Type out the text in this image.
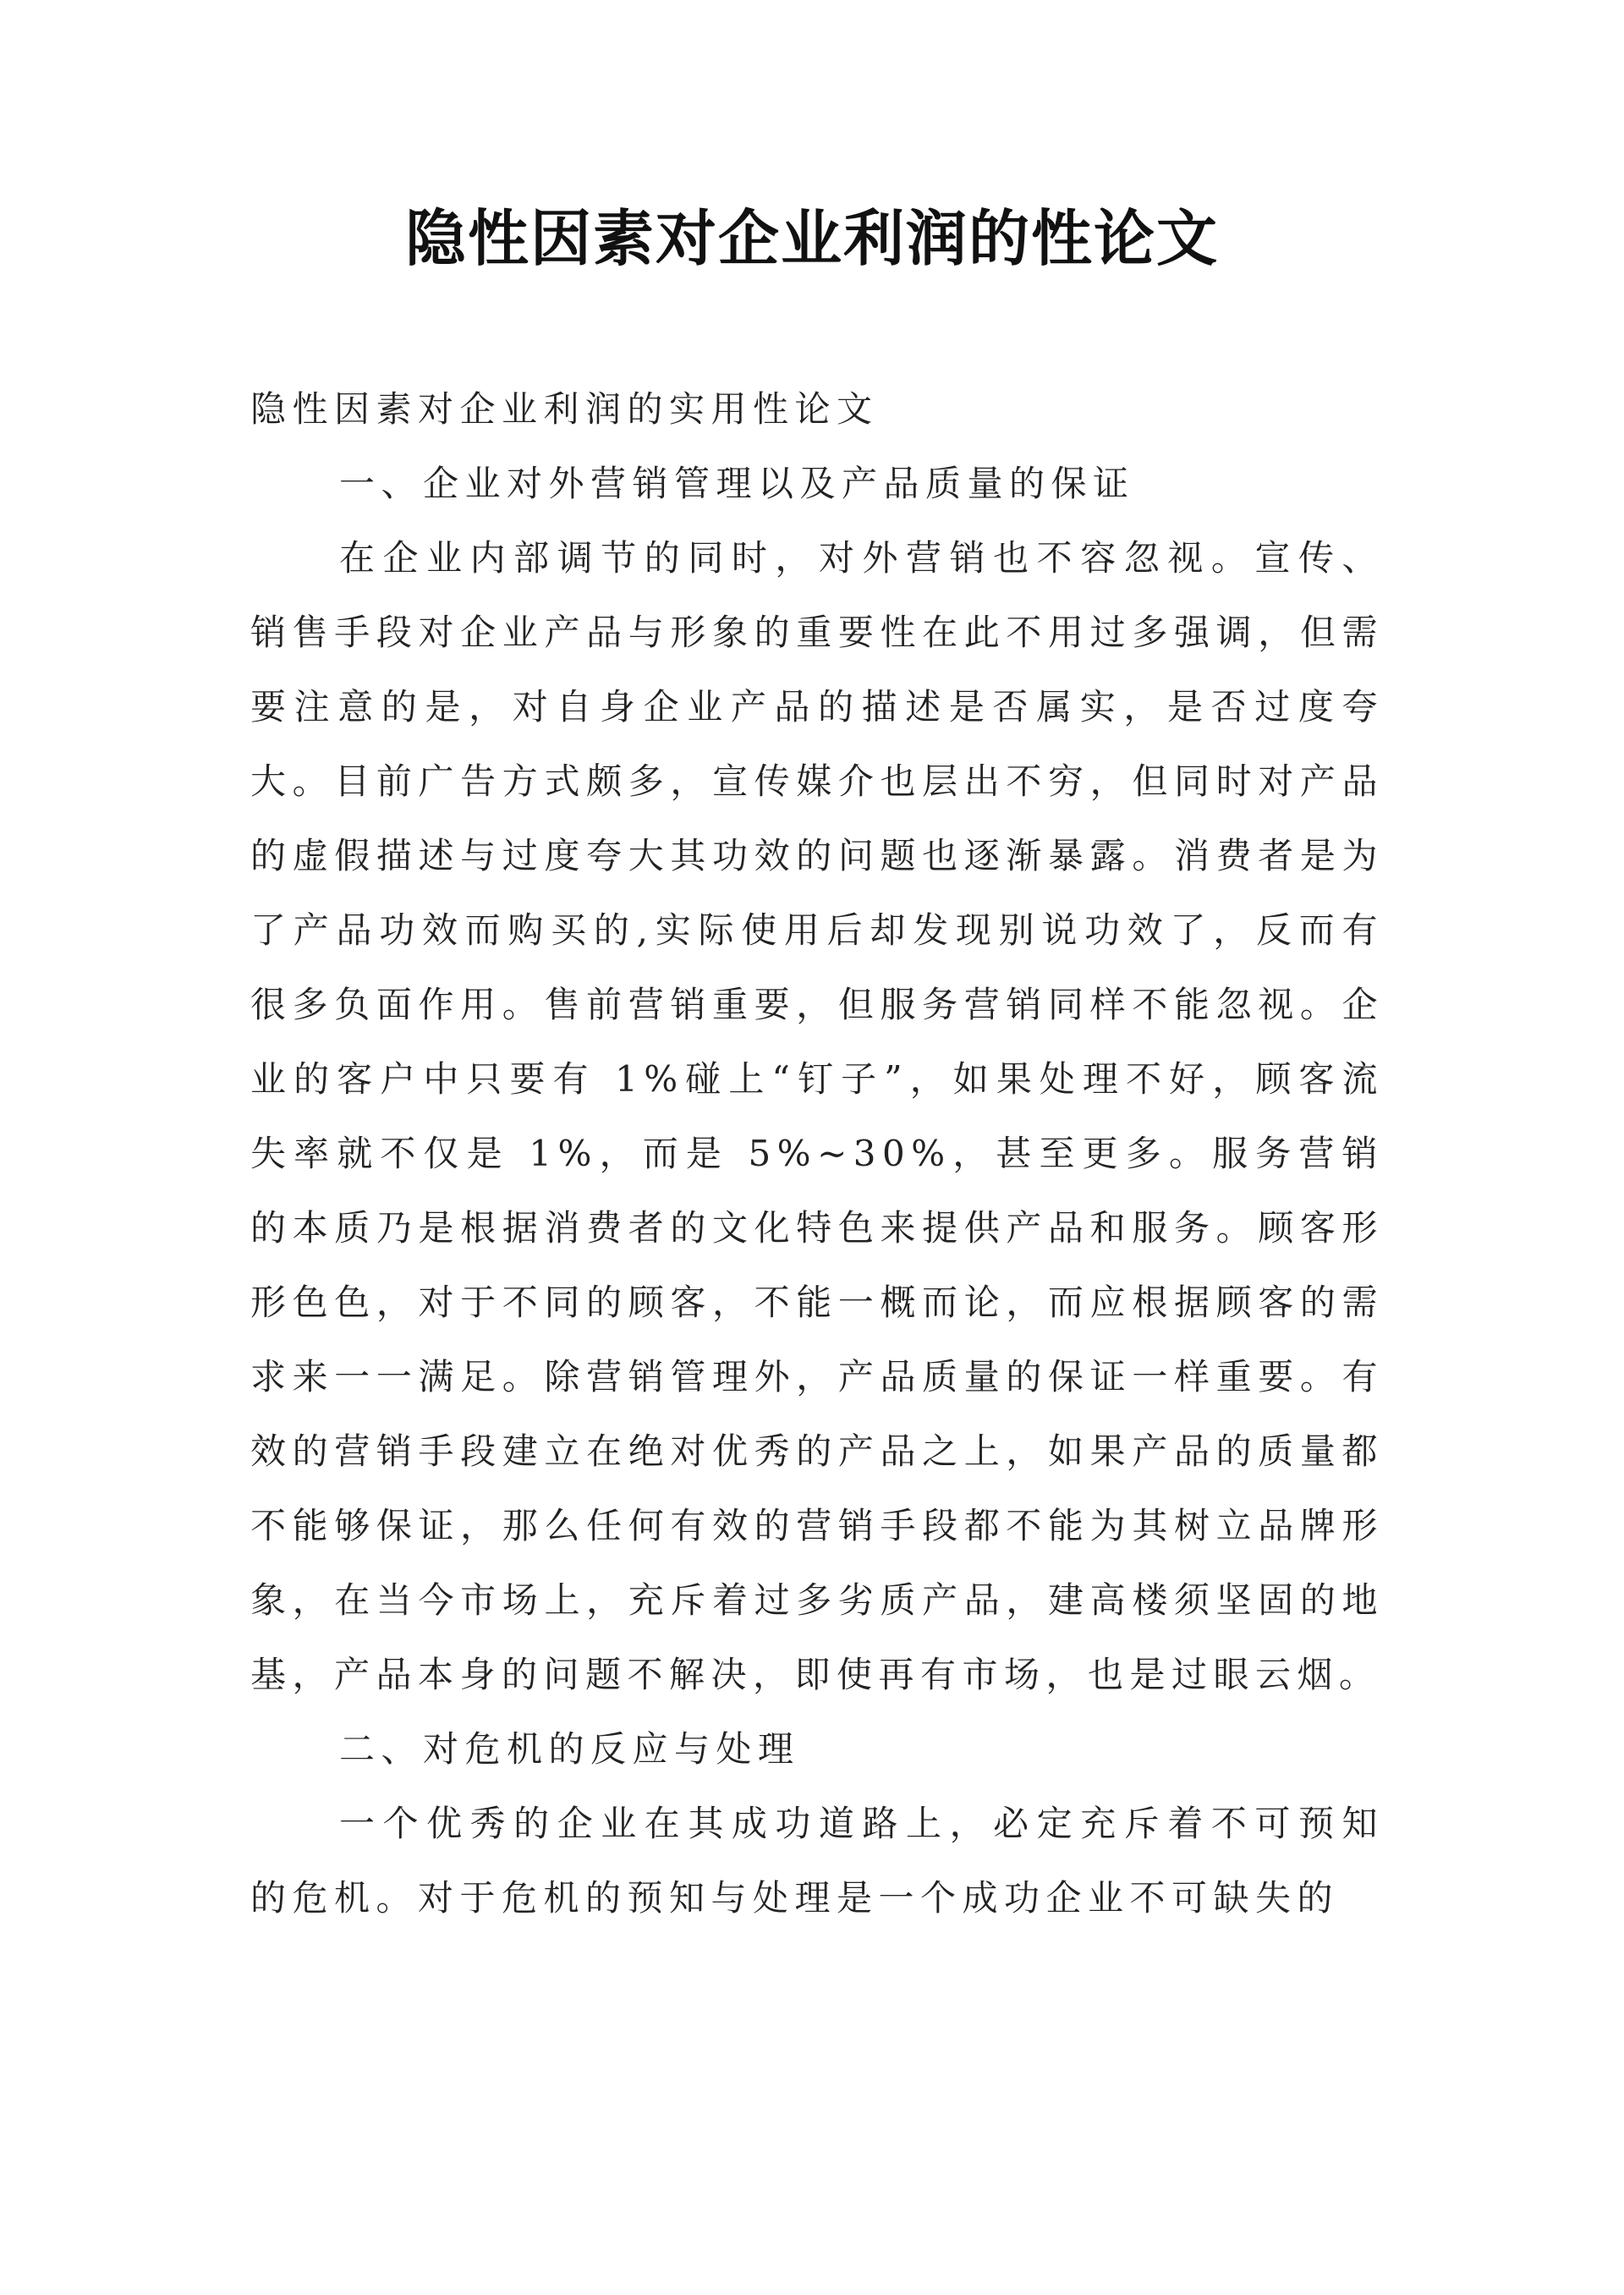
隐性因素对企业利润的性论文

隐性因素对企业利润的实用性论文

一、企业对外营销管理以及产品质量的保证

在企业内部调节的同时，对外营销也不容忽视。宣传、销售手段对企业产品与形象的重要性在此不用过多强调，但需要注意的是，对自身企业产品的描述是否属实，是否过度夸大。目前广告方式颇多，宣传媒介也层出不穷，但同时对产品的虚假描述与过度夸大其功效的问题也逐渐暴露。消费者是为了产品功效而购买的,实际使用后却发现别说功效了，反而有很多负面作用。售前营销重要，但服务营销同样不能忽视。企业的客户中只要有 1%碰上“钉子”，如果处理不好，顾客流失率就不仅是 1%，而是 5%~30%，甚至更多。服务营销的本质乃是根据消费者的文化特色来提供产品和服务。顾客形形色色，对于不同的顾客，不能一概而论，而应根据顾客的需求来一一满足。除营销管理外，产品质量的保证一样重要。有效的营销手段建立在绝对优秀的产品之上，如果产品的质量都不能够保证，那么任何有效的营销手段都不能为其树立品牌形象，在当今市场上，充斥着过多劣质产品，建高楼须坚固的地基，产品本身的问题不解决，即使再有市场，也是过眼云烟。

二、对危机的反应与处理

一个优秀的企业在其成功道路上，必定充斥着不可预知的危机。对于危机的预知与处理是一个成功企业不可缺失的
